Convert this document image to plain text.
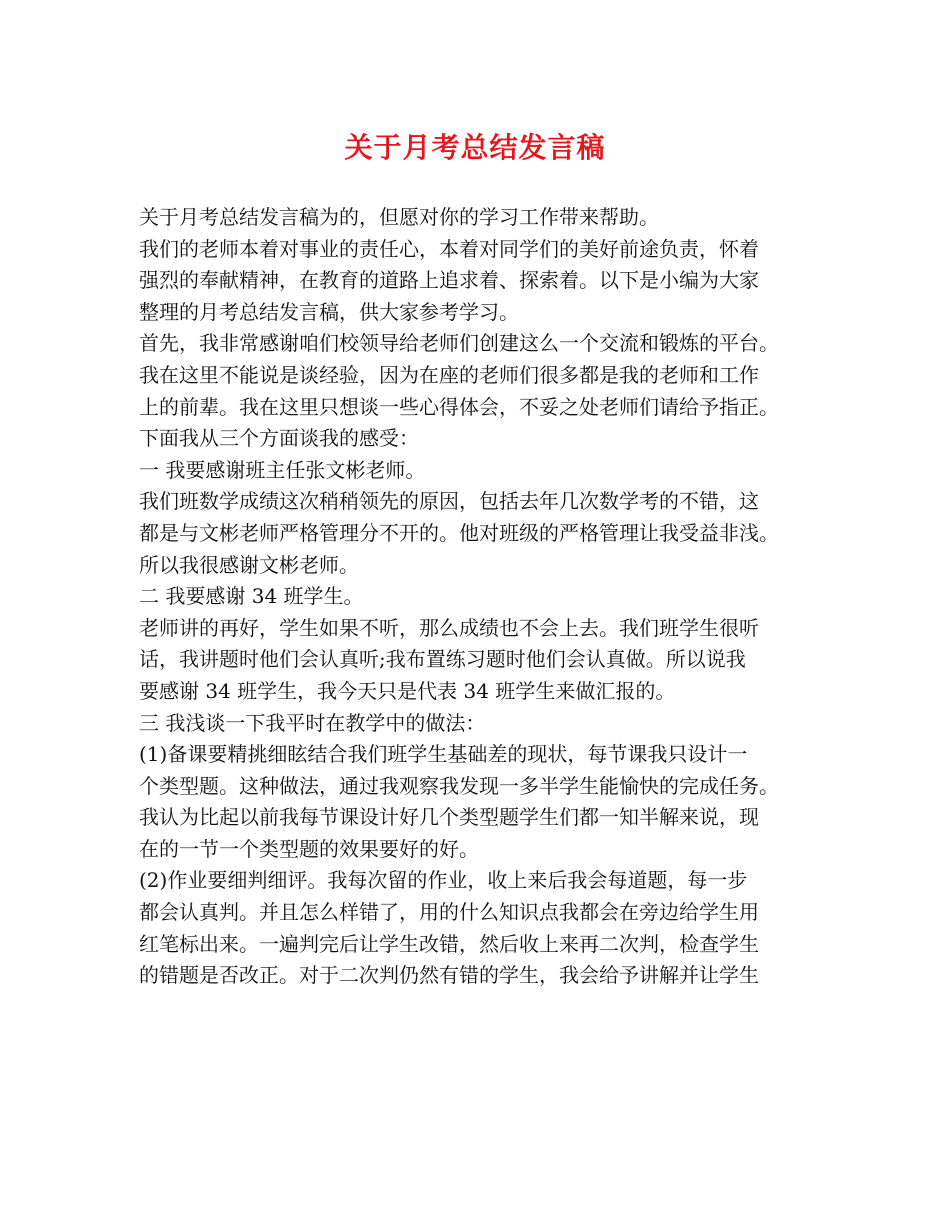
关于月考总结发言稿
关于月考总结发言稿为的，但愿对你的学习工作带来帮助。
我们的老师本着对事业的责任心，本着对同学们的美好前途负责，怀着
强烈的奉献精神，在教育的道路上追求着、探索着。以下是小编为大家
整理的月考总结发言稿，供大家参考学习。
首先，我非常感谢咱们校领导给老师们创建这么一个交流和锻炼的平台。
我在这里不能说是谈经验，因为在座的老师们很多都是我的老师和工作
上的前辈。我在这里只想谈一些心得体会，不妥之处老师们请给予指正。
下面我从三个方面谈我的感受：
一 我要感谢班主任张文彬老师。
我们班数学成绩这次稍稍领先的原因，包括去年几次数学考的不错，这
都是与文彬老师严格管理分不开的。他对班级的严格管理让我受益非浅。
所以我很感谢文彬老师。
二 我要感谢 34 班学生。
老师讲的再好，学生如果不听，那么成绩也不会上去。我们班学生很听
话，我讲题时他们会认真听;我布置练习题时他们会认真做。所以说我
要感谢 34 班学生，我今天只是代表 34 班学生来做汇报的。
三 我浅谈一下我平时在教学中的做法：
(1)备课要精挑细眩结合我们班学生基础差的现状，每节课我只设计一
个类型题。这种做法，通过我观察我发现一多半学生能愉快的完成任务。
我认为比起以前我每节课设计好几个类型题学生们都一知半解来说，现
在的一节一个类型题的效果要好的好。
(2)作业要细判细评。我每次留的作业，收上来后我会每道题，每一步
都会认真判。并且怎么样错了，用的什么知识点我都会在旁边给学生用
红笔标出来。一遍判完后让学生改错，然后收上来再二次判，检查学生
的错题是否改正。对于二次判仍然有错的学生，我会给予讲解并让学生
